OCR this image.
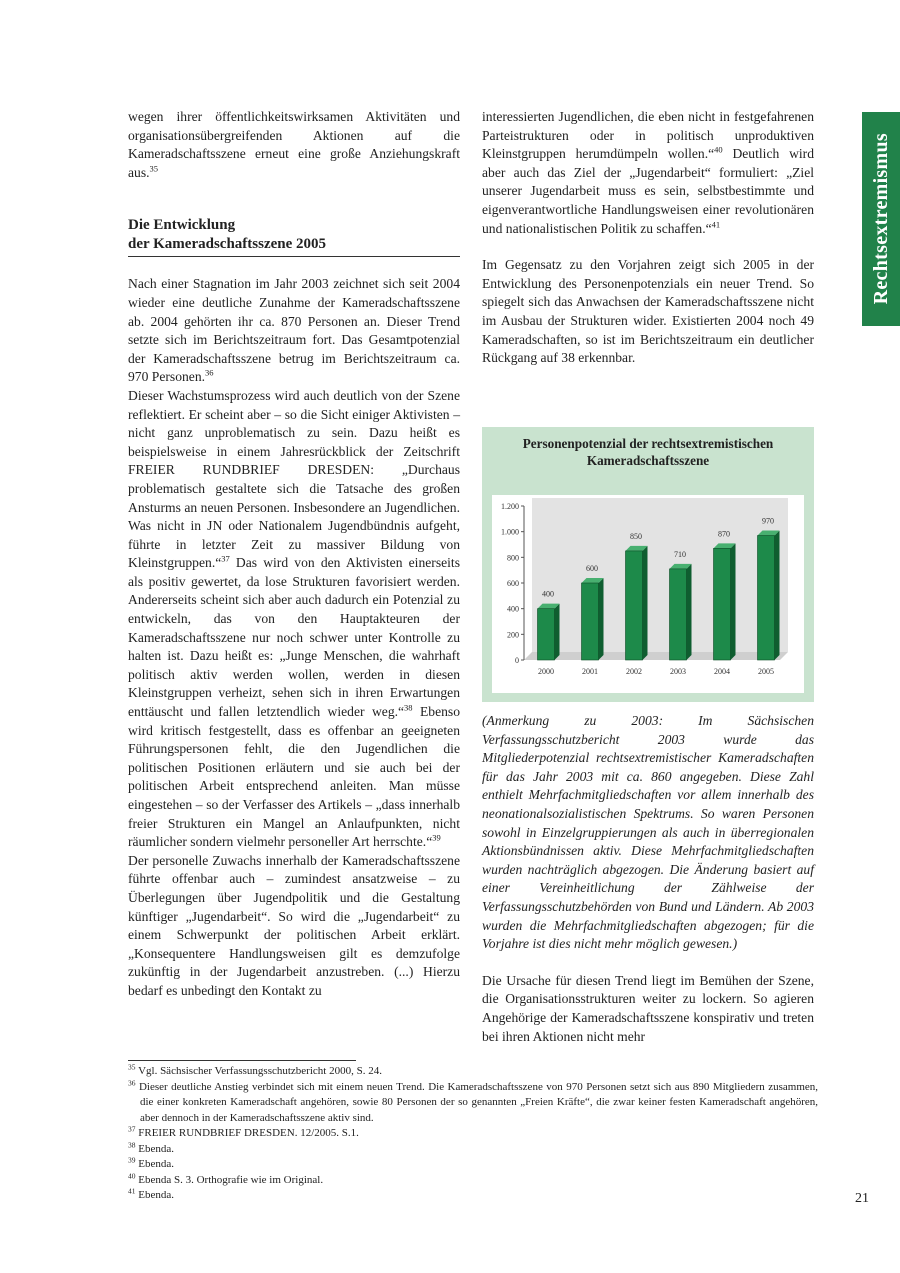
Rechtsextremismus

wegen ihrer öffentlichkeitswirksamen Aktivitäten und organisationsübergreifenden Aktionen auf die Kameradschaftsszene erneut eine große Anziehungskraft aus.$^{35}$

Die Entwicklung
der Kameradschaftsszene 2005

Nach einer Stagnation im Jahr 2003 zeichnet sich seit 2004 wieder eine deutliche Zunahme der Kameradschaftsszene ab. 2004 gehörten ihr ca. 870 Personen an. Dieser Trend setzte sich im Berichtszeitraum fort. Das Gesamtpotenzial der Kameradschaftsszene betrug im Berichtszeitraum ca. 970 Personen.$^{36}$

Dieser Wachstumsprozess wird auch deutlich von der Szene reflektiert. Er scheint aber – so die Sicht einiger Aktivisten – nicht ganz unproblematisch zu sein. Dazu heißt es beispielsweise in einem Jahresrückblick der Zeitschrift FREIER RUNDBRIEF DRESDEN: „Durchaus problematisch gestaltete sich die Tatsache des großen Ansturms an neuen Personen. Insbesondere an Jugendlichen. Was nicht in JN oder Nationalem Jugendbündnis aufgeht, führte in letzter Zeit zu massiver Bildung von Kleinstgruppen.“$^{37}$ Das wird von den Aktivisten einerseits als positiv gewertet, da lose Strukturen favorisiert werden. Andererseits scheint sich aber auch dadurch ein Potenzial zu entwickeln, das von den Hauptakteuren der Kameradschaftsszene nur noch schwer unter Kontrolle zu halten ist. Dazu heißt es: „Junge Menschen, die wahrhaft politisch aktiv werden wollen, werden in diesen Kleinstgruppen verheizt, sehen sich in ihren Erwartungen enttäuscht und fallen letztendlich wieder weg.“$^{38}$ Ebenso wird kritisch festgestellt, dass es offenbar an geeigneten Führungspersonen fehlt, die den Jugendlichen die politischen Positionen erläutern und sie auch bei der politischen Arbeit entsprechend anleiten. Man müsse eingestehen – so der Verfasser des Artikels – „dass innerhalb freier Strukturen ein Mangel an Anlaufpunkten, nicht räumlicher sondern vielmehr personeller Art herrschte.“$^{39}$

Der personelle Zuwachs innerhalb der Kameradschaftsszene führte offenbar auch – zumindest ansatzweise – zu Überlegungen über Jugendpolitik und die Gestaltung künftiger „Jugendarbeit“. So wird die „Jugendarbeit“ zu einem Schwerpunkt der politischen Arbeit erklärt. „Konsequentere Handlungsweisen gilt es demzufolge zukünftig in der Jugendarbeit anzustreben. (...) Hierzu bedarf es unbedingt den Kontakt zu

interessierten Jugendlichen, die eben nicht in festgefahrenen Parteistrukturen oder in politisch unproduktiven Kleinstgruppen herumdümpeln wollen.“$^{40}$ Deutlich wird aber auch das Ziel der „Jugendarbeit“ formuliert: „Ziel unserer Jugendarbeit muss es sein, selbstbestimmte und eigenverantwortliche Handlungsweisen einer revolutionären und nationalistischen Politik zu schaffen.“$^{41}$

Im Gegensatz zu den Vorjahren zeigt sich 2005 in der Entwicklung des Personenpotenzials ein neuer Trend. So spiegelt sich das Anwachsen der Kameradschaftsszene nicht im Ausbau der Strukturen wider. Existierten 2004 noch 49 Kameradschaften, so ist im Berichtszeitraum ein deutlicher Rückgang auf 38 erkennbar.

Personenpotenzial der rechtsextremistischen
Kameradschaftsszene
0
200
400
600
800
1.000
1.200
400
2000
600
2001
850
2002
710
2003
870
2004
970
2005

(Anmerkung zu 2003: Im Sächsischen Verfassungsschutzbericht 2003 wurde das Mitgliederpotenzial rechtsextremistischer Kameradschaften für das Jahr 2003 mit ca. 860 angegeben. Diese Zahl enthielt Mehrfachmitgliedschaften vor allem innerhalb des neonationalsozialistischen Spektrums. So waren Personen sowohl in Einzelgruppierungen als auch in überregionalen Aktionsbündnissen aktiv. Diese Mehrfachmitgliedschaften wurden nachträglich abgezogen. Die Änderung basiert auf einer Vereinheitlichung der Zählweise der Verfassungsschutzbehörden von Bund und Ländern. Ab 2003 wurden die Mehrfachmitgliedschaften abgezogen; für die Vorjahre ist dies nicht mehr möglich gewesen.)

Die Ursache für diesen Trend liegt im Bemühen der Szene, die Organisationsstrukturen weiter zu lockern. So agieren Angehörige der Kameradschaftsszene konspirativ und treten bei ihren Aktionen nicht mehr

$^{35}$ Vgl. Sächsischer Verfassungsschutzbericht 2000, S. 24.
$^{36}$ Dieser deutliche Anstieg verbindet sich mit einem neuen Trend. Die Kameradschaftsszene von 970 Personen setzt sich aus 890 Mitgliedern zusammen, die einer konkreten Kameradschaft angehören, sowie 80 Personen der so genannten „Freien Kräfte“, die zwar keiner festen Kameradschaft angehören, aber dennoch in der Kameradschaftsszene aktiv sind.
$^{37}$ FREIER RUNDBRIEF DRESDEN. 12/2005. S.1.
$^{38}$ Ebenda.
$^{39}$ Ebenda.
$^{40}$ Ebenda S. 3. Orthografie wie im Original.
$^{41}$ Ebenda.	21
